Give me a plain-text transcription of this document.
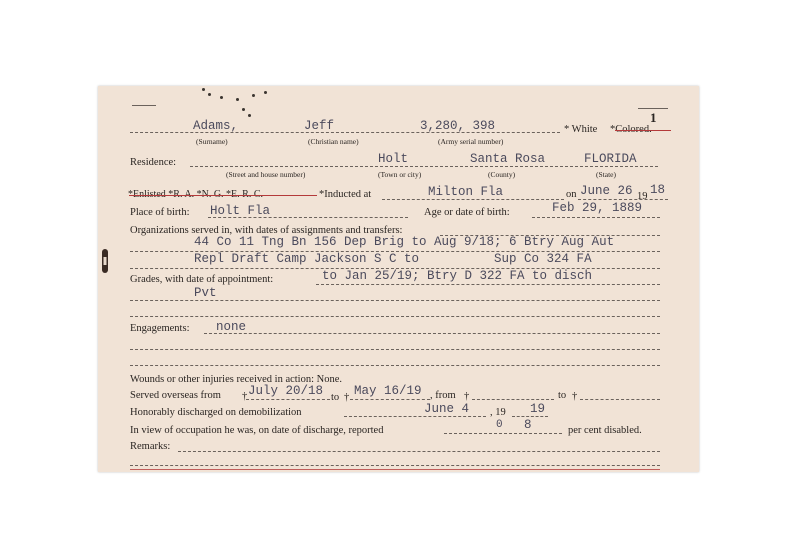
1
Adams,	Jeff	3,280, 398	* White *Colored.
(Surname)	(Christian name)	(Army serial number)
Residence:	Holt	Santa Rosa	FLORIDA
(Street and house number)	(Town or city)	(County)	(State)
*Enlisted *R. A. *N. G. *E. R. C.	*Inducted at	Milton Fla	on June 26 19 18
Place of birth: Holt Fla	Age or date of birth:	Feb 29, 1889
Organizations served in, with dates of assignments and transfers:
44 Co 11 Tng Bn 156 Dep Brig to Aug 9/18; 6 Btry Aug Aut
Repl Draft Camp Jackson S C to          Sup Co 324 FA
Grades, with date of appointment:	to Jan 25/19; Btry D 322 FA to disch
Pvt
Engagements: none
Wounds or other injuries received in action: None.
Served overseas from † July 20/18 to † May 16/19 , from †	to †
Honorably discharged on demobilization	June 4 , 19 19
In view of occupation he was, on date of discharge, reported	0 8	per cent disabled.
Remarks:
